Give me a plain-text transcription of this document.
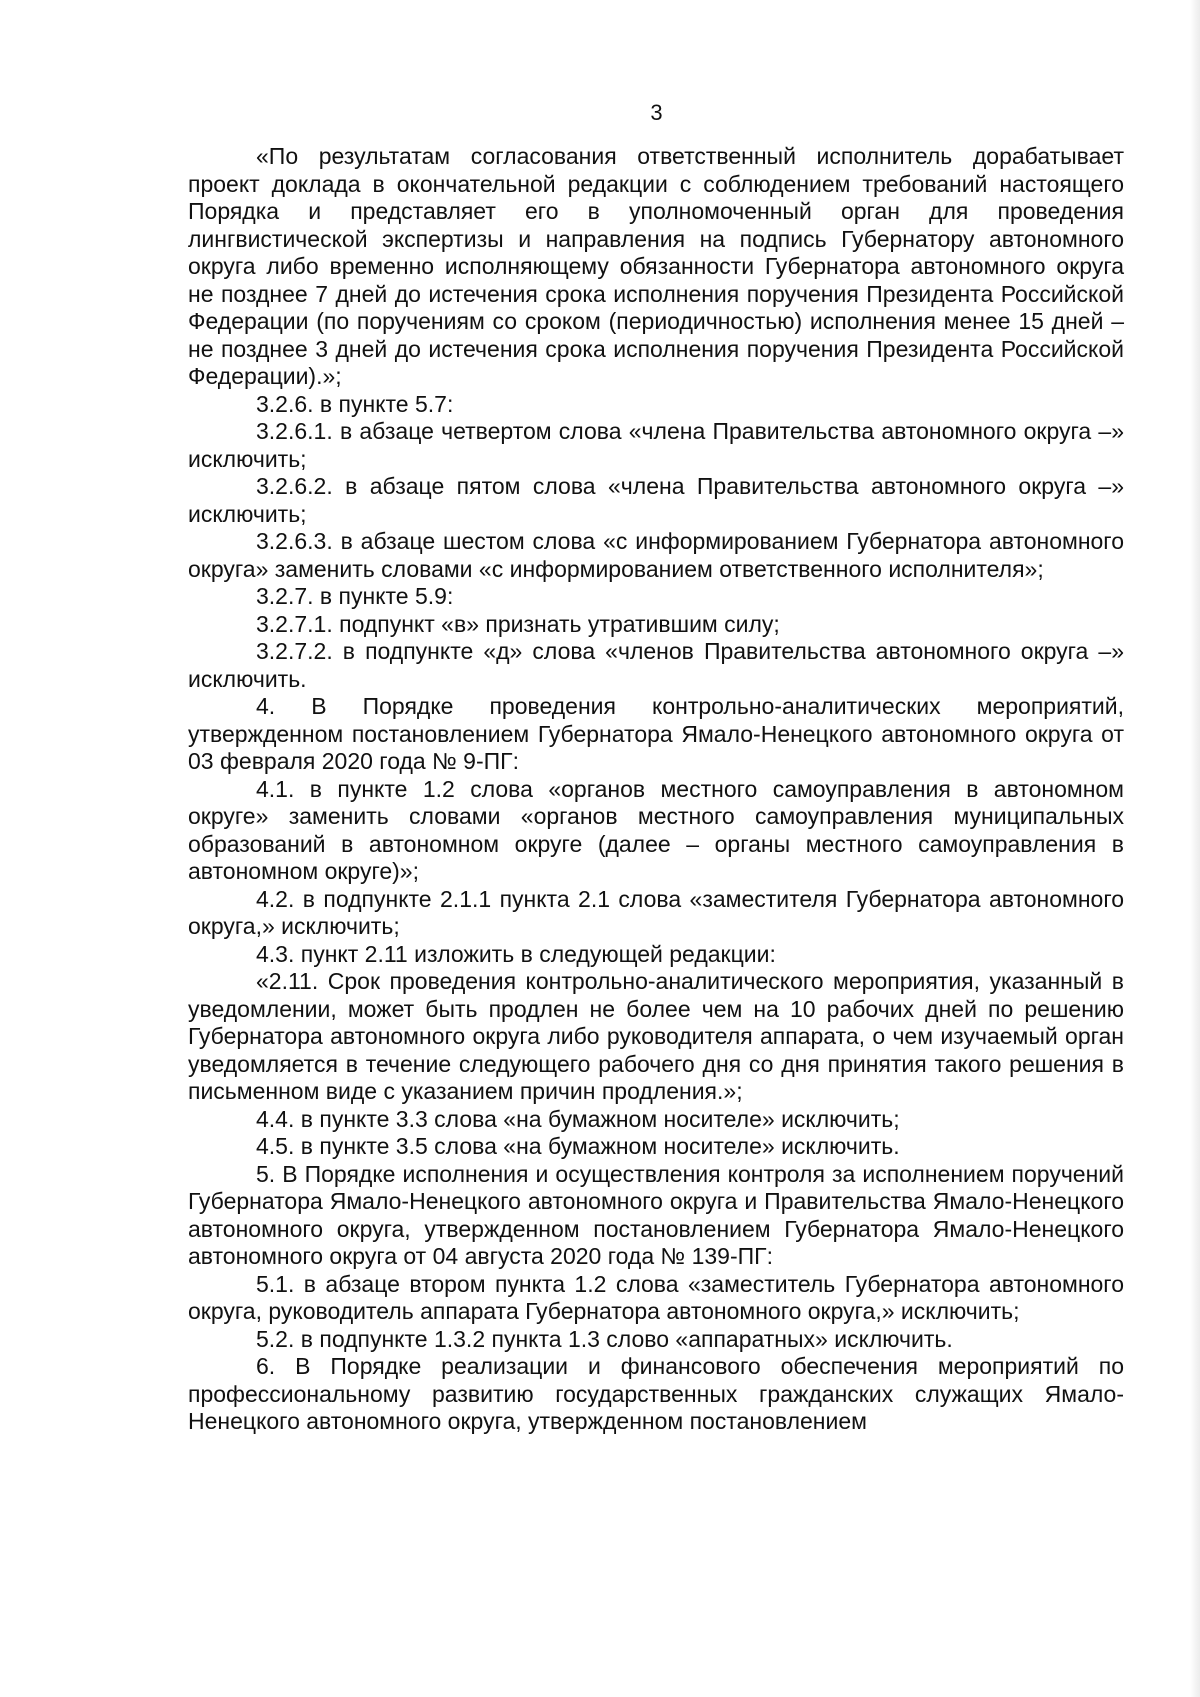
3

«По результатам согласования ответственный исполнитель дорабатывает проект доклада в окончательной редакции с соблюдением требований настоящего Порядка и представляет его в уполномоченный орган для проведения лингвистической экспертизы и направления на подпись Губернатору автономного округа либо временно исполняющему обязанности Губернатора автономного округа не позднее 7 дней до истечения срока исполнения поручения Президента Российской Федерации (по поручениям со сроком (периодичностью) исполнения менее 15 дней – не позднее 3 дней до истечения срока исполнения поручения Президента Российской Федерации).»;

3.2.6. в пункте 5.7:

3.2.6.1. в абзаце четвертом слова «члена Правительства автономного округа –» исключить;

3.2.6.2. в абзаце пятом слова «члена Правительства автономного округа –» исключить;

3.2.6.3. в абзаце шестом слова «с информированием Губернатора автономного округа» заменить словами «с информированием ответственного исполнителя»;

3.2.7. в пункте 5.9:

3.2.7.1. подпункт «в» признать утратившим силу;

3.2.7.2. в подпункте «д» слова «членов Правительства автономного округа –» исключить.

4. В Порядке проведения контрольно-аналитических мероприятий, утвержденном постановлением Губернатора Ямало-Ненецкого автономного округа от 03 февраля 2020 года № 9-ПГ:

4.1. в пункте 1.2 слова «органов местного самоуправления в автономном округе» заменить словами «органов местного самоуправления муниципальных образований в автономном округе (далее – органы местного самоуправления в автономном округе)»;

4.2. в подпункте 2.1.1 пункта 2.1 слова «заместителя Губернатора автономного округа,» исключить;

4.3. пункт 2.11 изложить в следующей редакции:

«2.11. Срок проведения контрольно-аналитического мероприятия, указанный в уведомлении, может быть продлен не более чем на 10 рабочих дней по решению Губернатора автономного округа либо руководителя аппарата, о чем изучаемый орган уведомляется в течение следующего рабочего дня со дня принятия такого решения в письменном виде с указанием причин продления.»;

4.4. в пункте 3.3 слова «на бумажном носителе» исключить;

4.5. в пункте 3.5 слова «на бумажном носителе» исключить.

5. В Порядке исполнения и осуществления контроля за исполнением поручений Губернатора Ямало-Ненецкого автономного округа и Правительства Ямало-Ненецкого автономного округа, утвержденном постановлением Губернатора Ямало-Ненецкого автономного округа от 04 августа 2020 года № 139-ПГ:

5.1. в абзаце втором пункта 1.2 слова «заместитель Губернатора автономного округа, руководитель аппарата Губернатора автономного округа,» исключить;

5.2. в подпункте 1.3.2 пункта 1.3 слово «аппаратных» исключить.

6. В Порядке реализации и финансового обеспечения мероприятий по профессиональному развитию государственных гражданских служащих Ямало-Ненецкого автономного округа, утвержденном постановлением
